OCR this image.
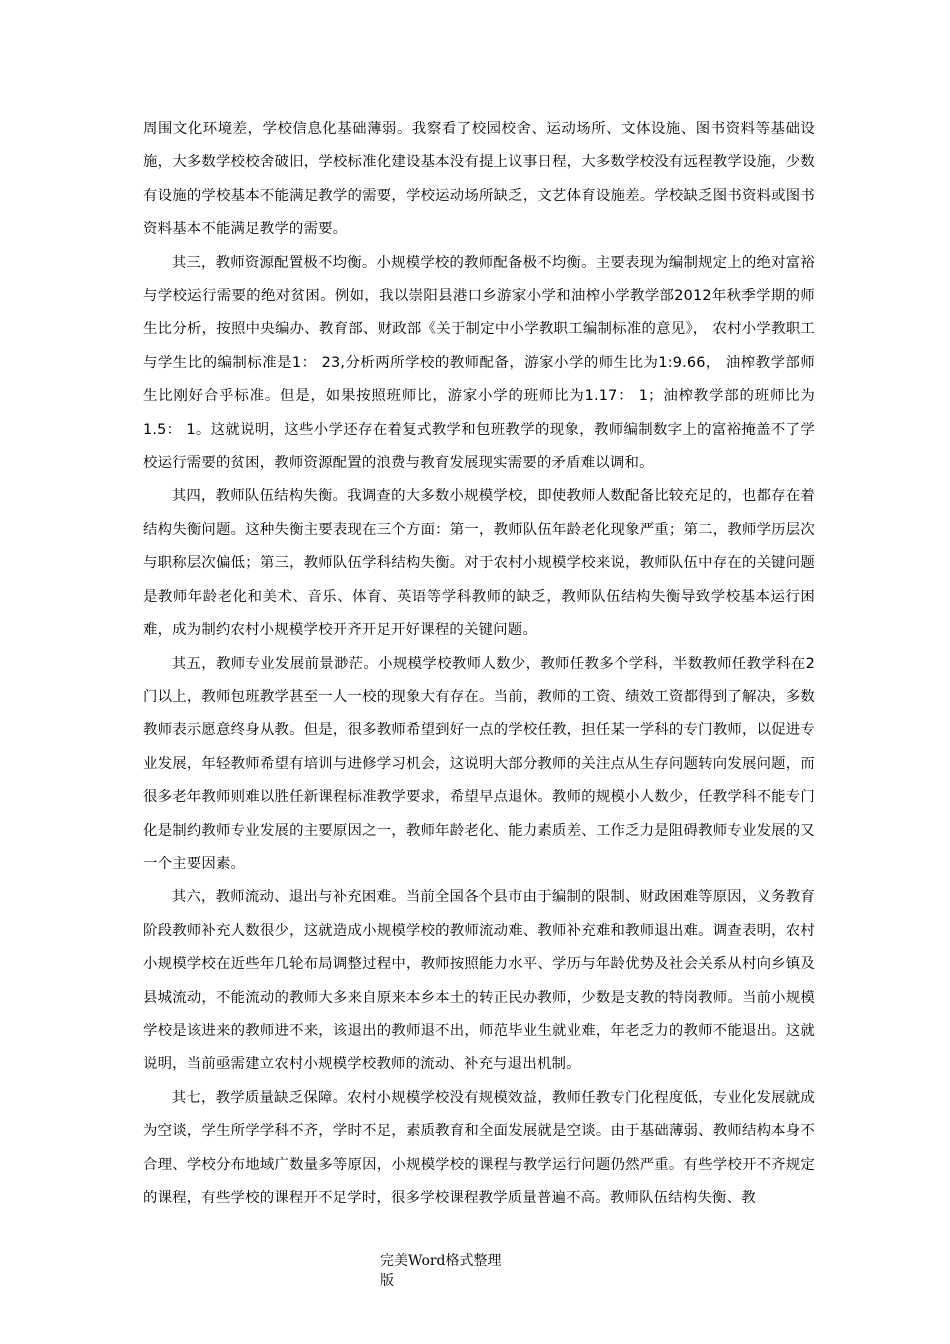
周围文化环境差，学校信息化基础薄弱。我察看了校园校舍、运动场所、文体设施、图书资料等基础设施，大多数学校校舍破旧，学校标准化建设基本没有提上议事日程，大多数学校没有远程教学设施，少数有设施的学校基本不能满足教学的需要，学校运动场所缺乏，文艺体育设施差。学校缺乏图书资料或图书资料基本不能满足教学的需要。

其三，教师资源配置极不均衡。小规模学校的教师配备极不均衡。主要表现为编制规定上的绝对富裕与学校运行需要的绝对贫困。例如，我以崇阳县港口乡游家小学和油榨小学教学部2012年秋季学期的师生比分析，按照中央编办、教育部、财政部《关于制定中小学教职工编制标准的意见》， 农村小学教职工与学生比的编制标准是1： 23,分析两所学校的教师配备，游家小学的师生比为1:9.66， 油榨教学部师生比刚好合乎标准。但是，如果按照班师比，游家小学的班师比为1.17： 1；油榨教学部的班师比为1.5： 1。这就说明，这些小学还存在着复式教学和包班教学的现象，教师编制数字上的富裕掩盖不了学校运行需要的贫困，教师资源配置的浪费与教育发展现实需要的矛盾难以调和。

其四，教师队伍结构失衡。我调查的大多数小规模学校，即使教师人数配备比较充足的，也都存在着结构失衡问题。这种失衡主要表现在三个方面：第一，教师队伍年龄老化现象严重；第二，教师学历层次与职称层次偏低；第三，教师队伍学科结构失衡。对于农村小规模学校来说，教师队伍中存在的关键问题是教师年龄老化和美术、音乐、体育、英语等学科教师的缺乏，教师队伍结构失衡导致学校基本运行困难，成为制约农村小规模学校开齐开足开好课程的关键问题。

其五，教师专业发展前景渺茫。小规模学校教师人数少，教师任教多个学科，半数教师任教学科在2门以上，教师包班教学甚至一人一校的现象大有存在。当前，教师的工资、绩效工资都得到了解决，多数教师表示愿意终身从教。但是，很多教师希望到好一点的学校任教，担任某一学科的专门教师，以促进专业发展，年轻教师希望有培训与进修学习机会，这说明大部分教师的关注点从生存问题转向发展问题，而很多老年教师则难以胜任新课程标准教学要求，希望早点退休。教师的规模小人数少，任教学科不能专门化是制约教师专业发展的主要原因之一，教师年龄老化、能力素质差、工作乏力是阻碍教师专业发展的又一个主要因素。

其六，教师流动、退出与补充困难。当前全国各个县市由于编制的限制、财政困难等原因，义务教育阶段教师补充人数很少，这就造成小规模学校的教师流动难、教师补充难和教师退出难。调查表明，农村小规模学校在近些年几轮布局调整过程中，教师按照能力水平、学历与年龄优势及社会关系从村向乡镇及县城流动，不能流动的教师大多来自原来本乡本土的转正民办教师，少数是支教的特岗教师。当前小规模学校是该进来的教师进不来，该退出的教师退不出，师范毕业生就业难，年老乏力的教师不能退出。这就说明，当前亟需建立农村小规模学校教师的流动、补充与退出机制。

其七，教学质量缺乏保障。农村小规模学校没有规模效益，教师任教专门化程度低，专业化发展就成为空谈，学生所学学科不齐，学时不足，素质教育和全面发展就是空谈。由于基础薄弱、教师结构本身不合理、学校分布地域广数量多等原因，小规模学校的课程与教学运行问题仍然严重。有些学校开不齐规定的课程，有些学校的课程开不足学时，很多学校课程教学质量普遍不高。教师队伍结构失衡、教

完美Word格式整理
版
